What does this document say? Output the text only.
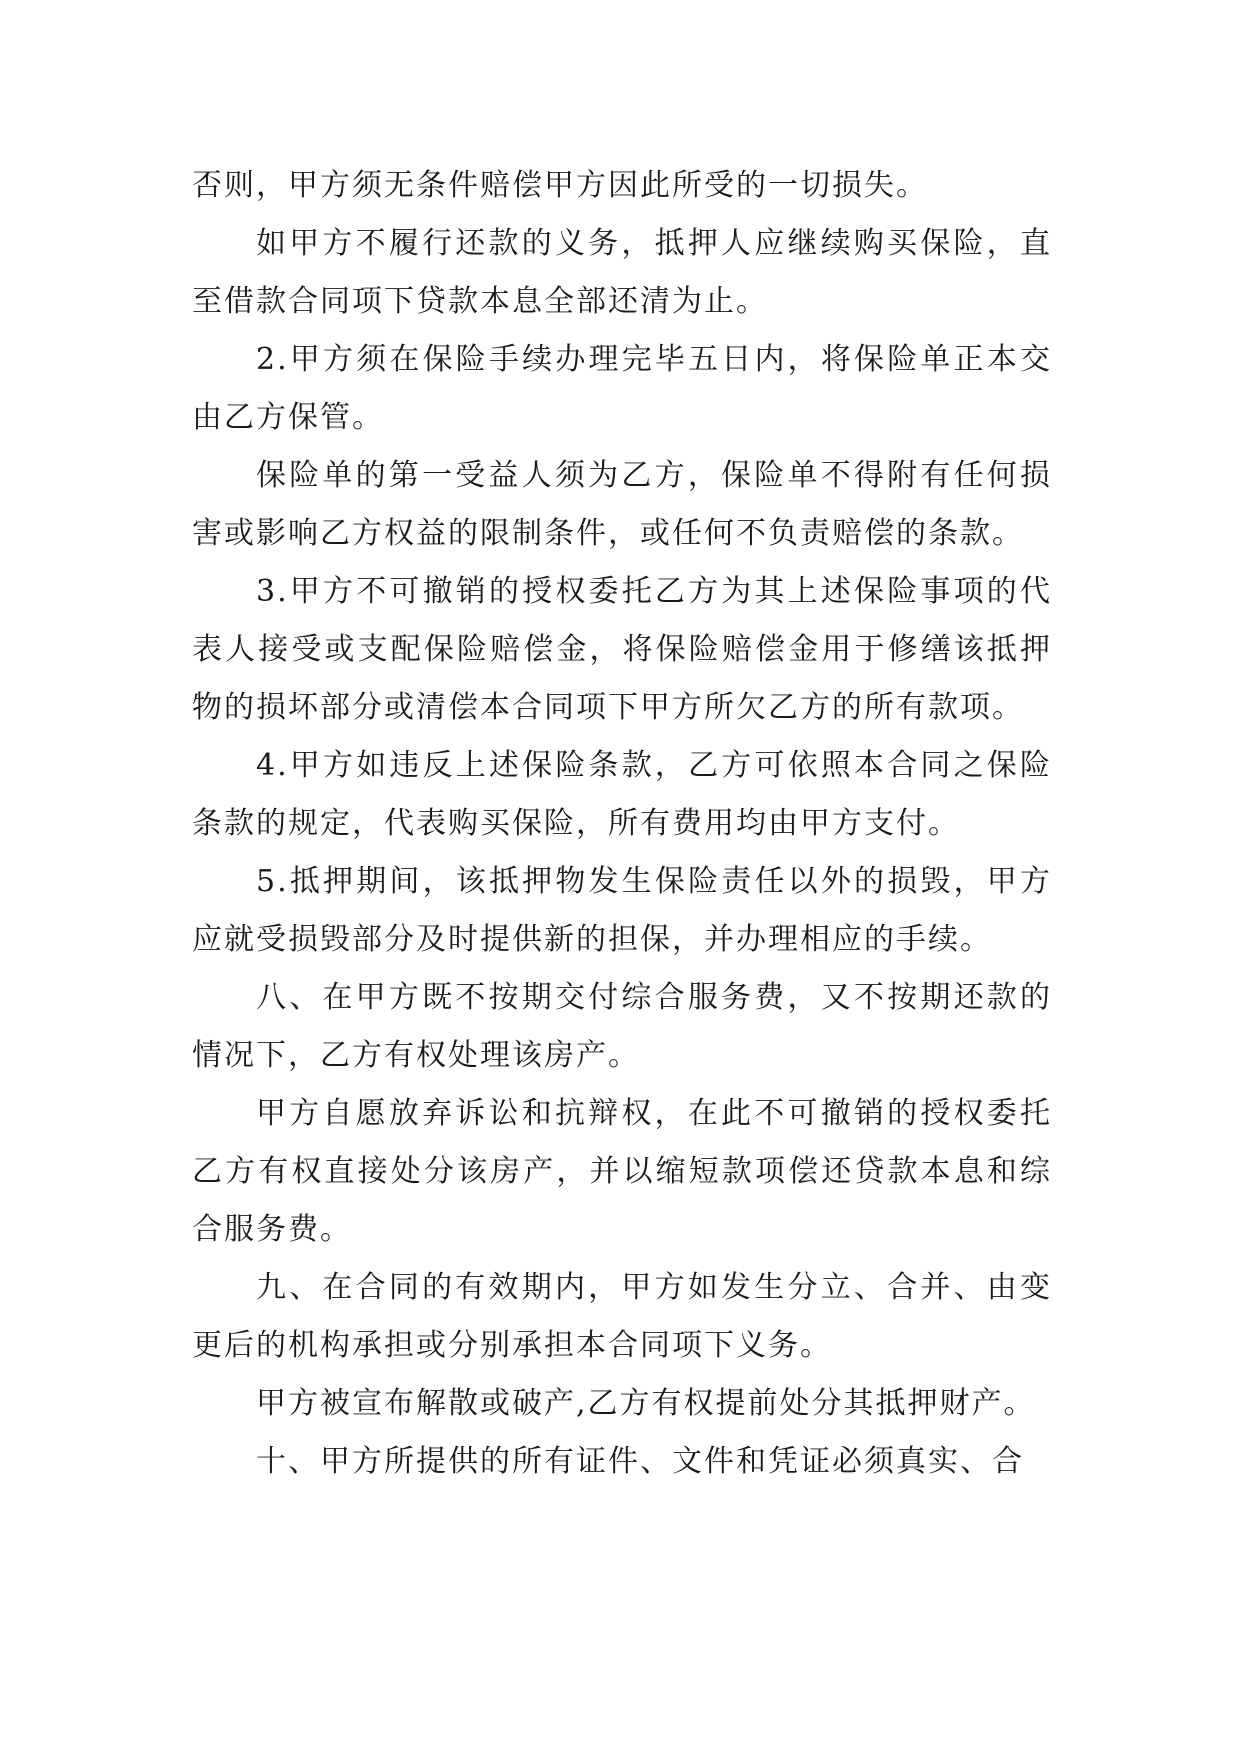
否则，甲方须无条件赔偿甲方因此所受的一切损失。

如甲方不履行还款的义务，抵押人应继续购买保险，直至借款合同项下贷款本息全部还清为止。

2.甲方须在保险手续办理完毕五日内，将保险单正本交由乙方保管。

保险单的第一受益人须为乙方，保险单不得附有任何损害或影响乙方权益的限制条件，或任何不负责赔偿的条款。

3.甲方不可撤销的授权委托乙方为其上述保险事项的代表人接受或支配保险赔偿金，将保险赔偿金用于修缮该抵押物的损坏部分或清偿本合同项下甲方所欠乙方的所有款项。

4.甲方如违反上述保险条款，乙方可依照本合同之保险条款的规定，代表购买保险，所有费用均由甲方支付。

5.抵押期间，该抵押物发生保险责任以外的损毁，甲方应就受损毁部分及时提供新的担保，并办理相应的手续。

八、在甲方既不按期交付综合服务费，又不按期还款的情况下，乙方有权处理该房产。

甲方自愿放弃诉讼和抗辩权，在此不可撤销的授权委托乙方有权直接处分该房产，并以缩短款项偿还贷款本息和综合服务费。

九、在合同的有效期内，甲方如发生分立、合并、由变更后的机构承担或分别承担本合同项下义务。

甲方被宣布解散或破产,乙方有权提前处分其抵押财产。

十、甲方所提供的所有证件、文件和凭证必须真实、合
